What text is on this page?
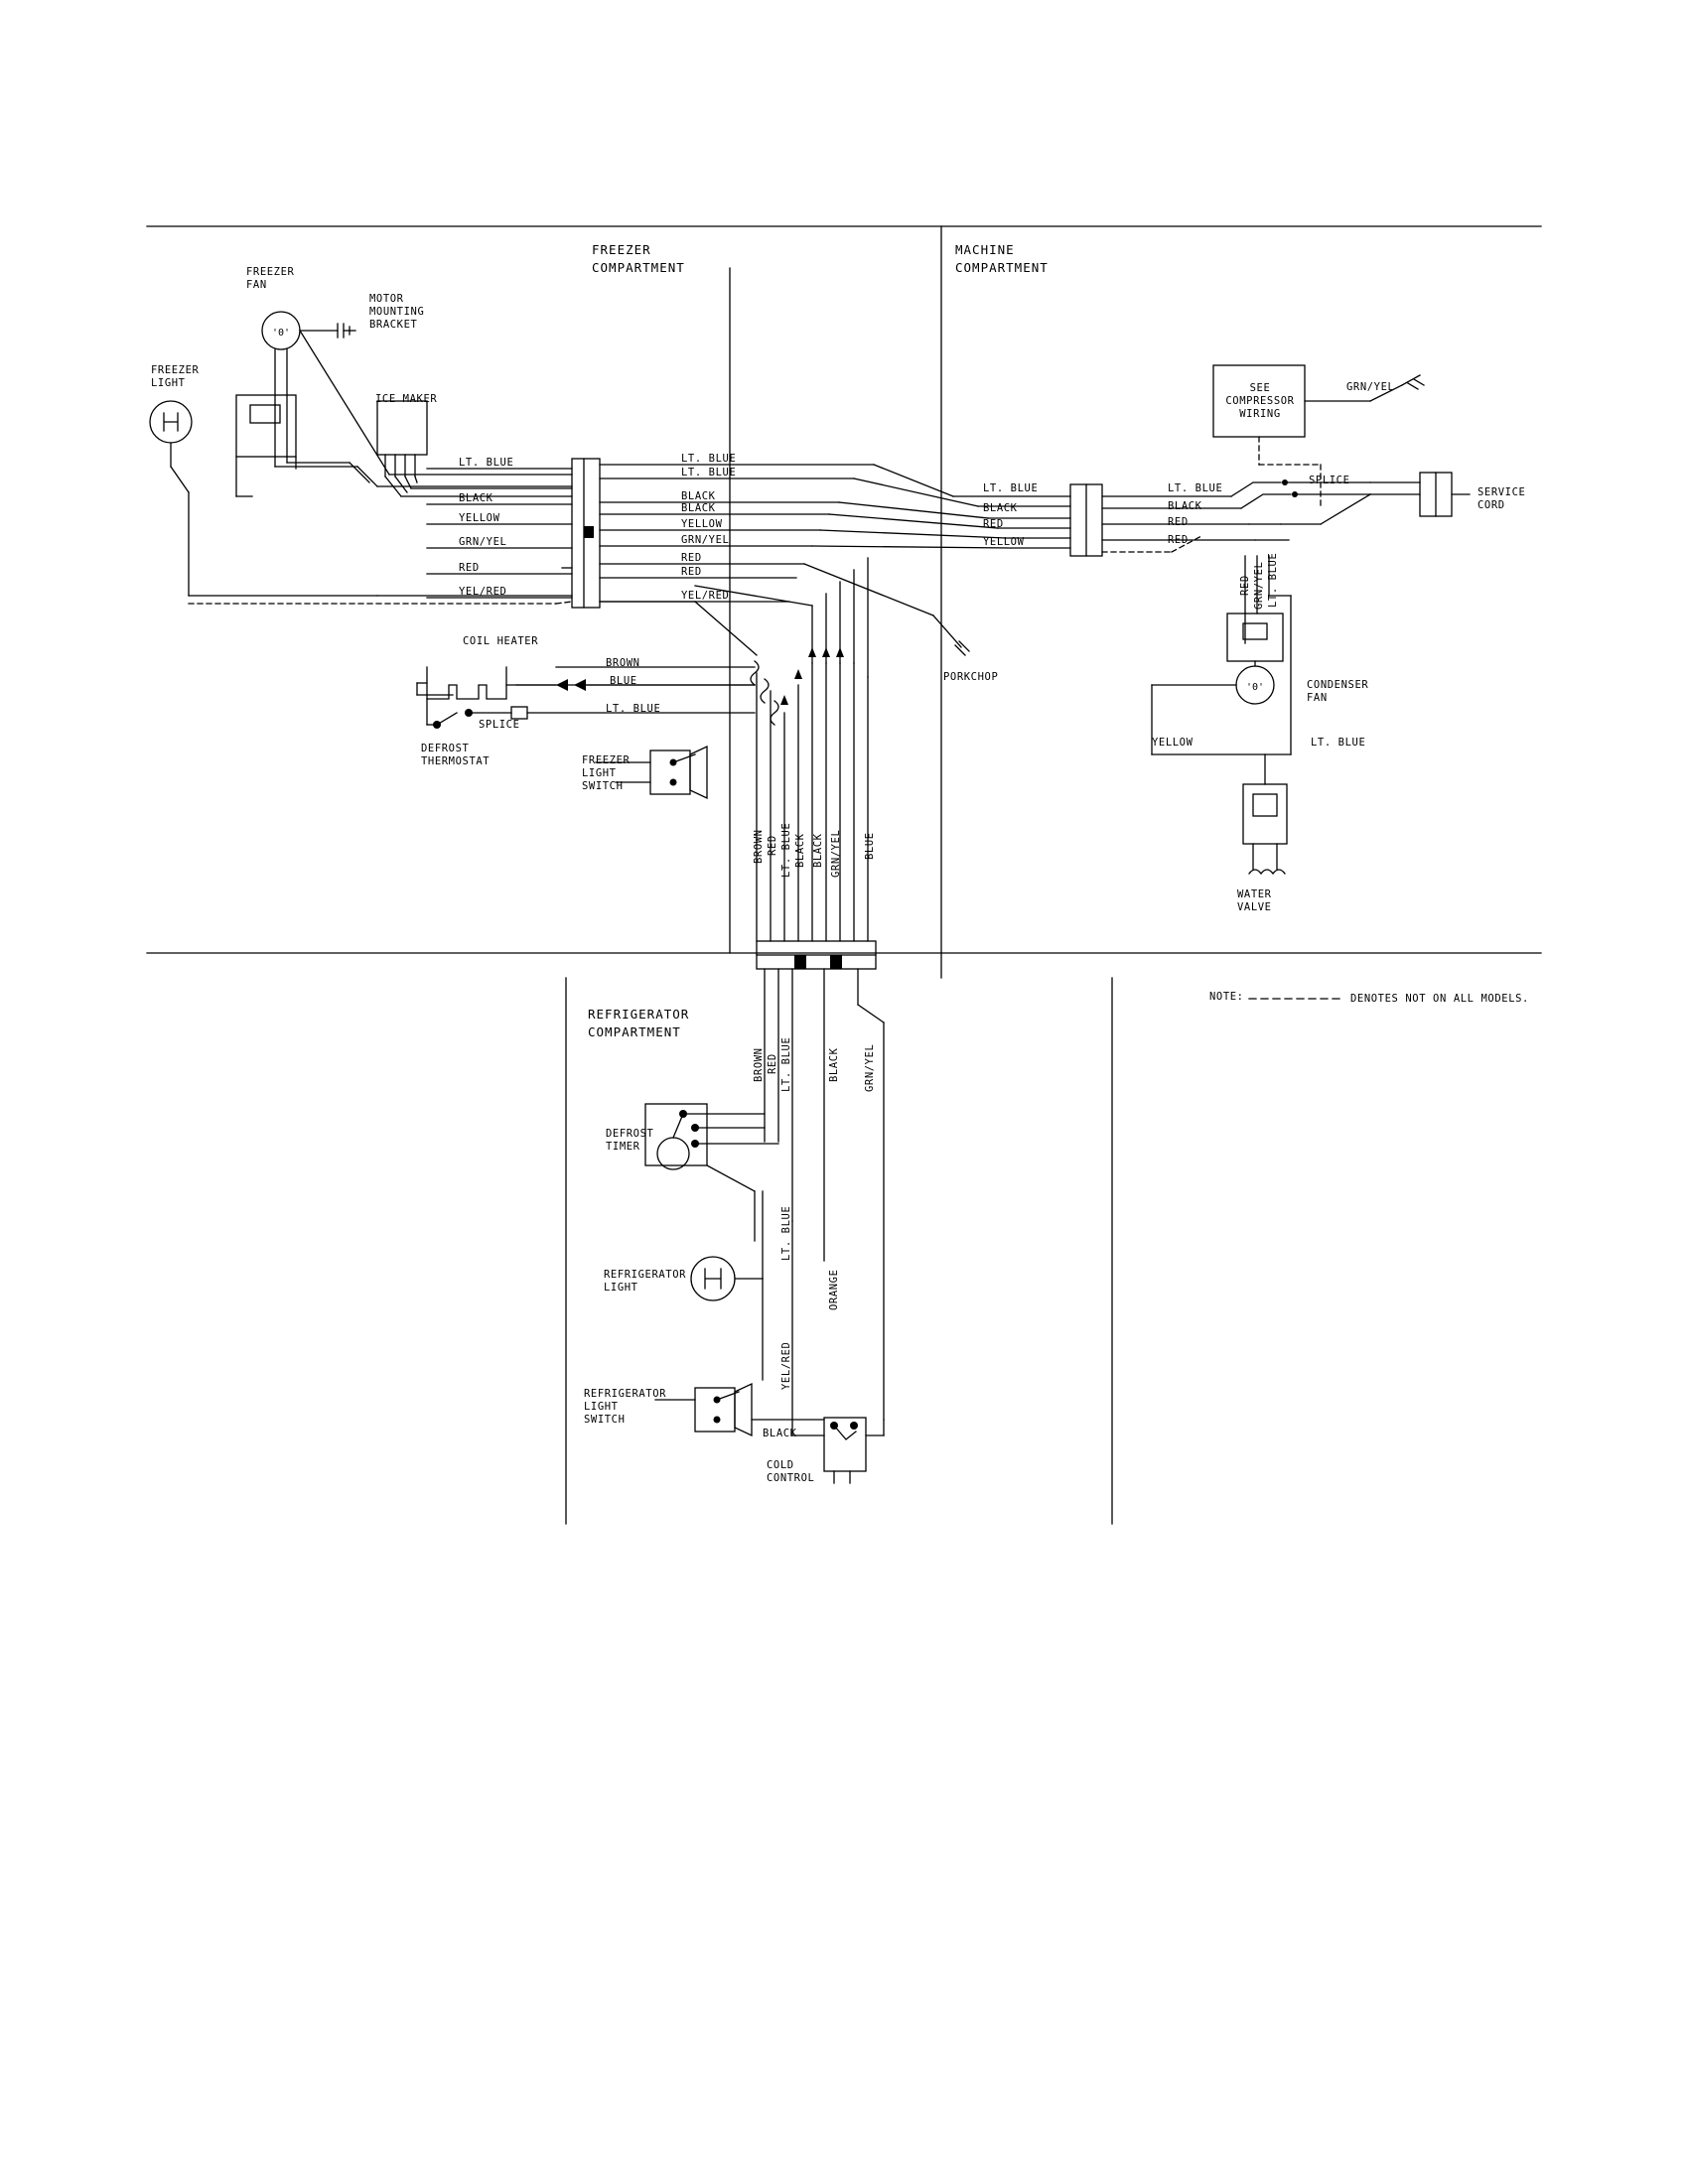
'0'
'0'
FREEZER
COMPARTMENT
MACHINE
COMPARTMENT
REFRIGERATOR
COMPARTMENT
FREEZER
FAN
MOTOR
MOUNTING
BRACKET
FREEZER
LIGHT
ICE MAKER
LT. BLUE
BLACK
YELLOW
GRN/YEL
RED
YEL/RED
LT. BLUE
LT. BLUE
BLACK
BLACK
YELLOW
GRN/YEL
RED
RED
YEL/RED
LT. BLUE
BLACK
RED
YELLOW
LT. BLUE
BLACK
RED
RED
GRN/YEL
SEE
COMPRESSOR
WIRING
SPLICE
SERVICE
CORD
CONDENSER
FAN
YELLOW	LT. BLUE
WATER
VALVE
RED GRN/YEL LT. BLUE
COIL HEATER
BROWN
BLUE
LT. BLUE
SPLICE
DEFROST
THERMOSTAT	FREEZER
LIGHT
SWITCH
PORKCHOP
BROWN RED LT. BLUE BLACK BLACK GRN/YEL BLUE
BROWN RED LT. BLUE	BLACK GRN/YEL
DEFROST
TIMER
REFRIGERATOR
LIGHT
REFRIGERATOR
LIGHT
SWITCH
COLD
CONTROL
LT. BLUE
ORANGE
YEL/RED
BLACK
NOTE:	DENOTES NOT ON ALL MODELS.
